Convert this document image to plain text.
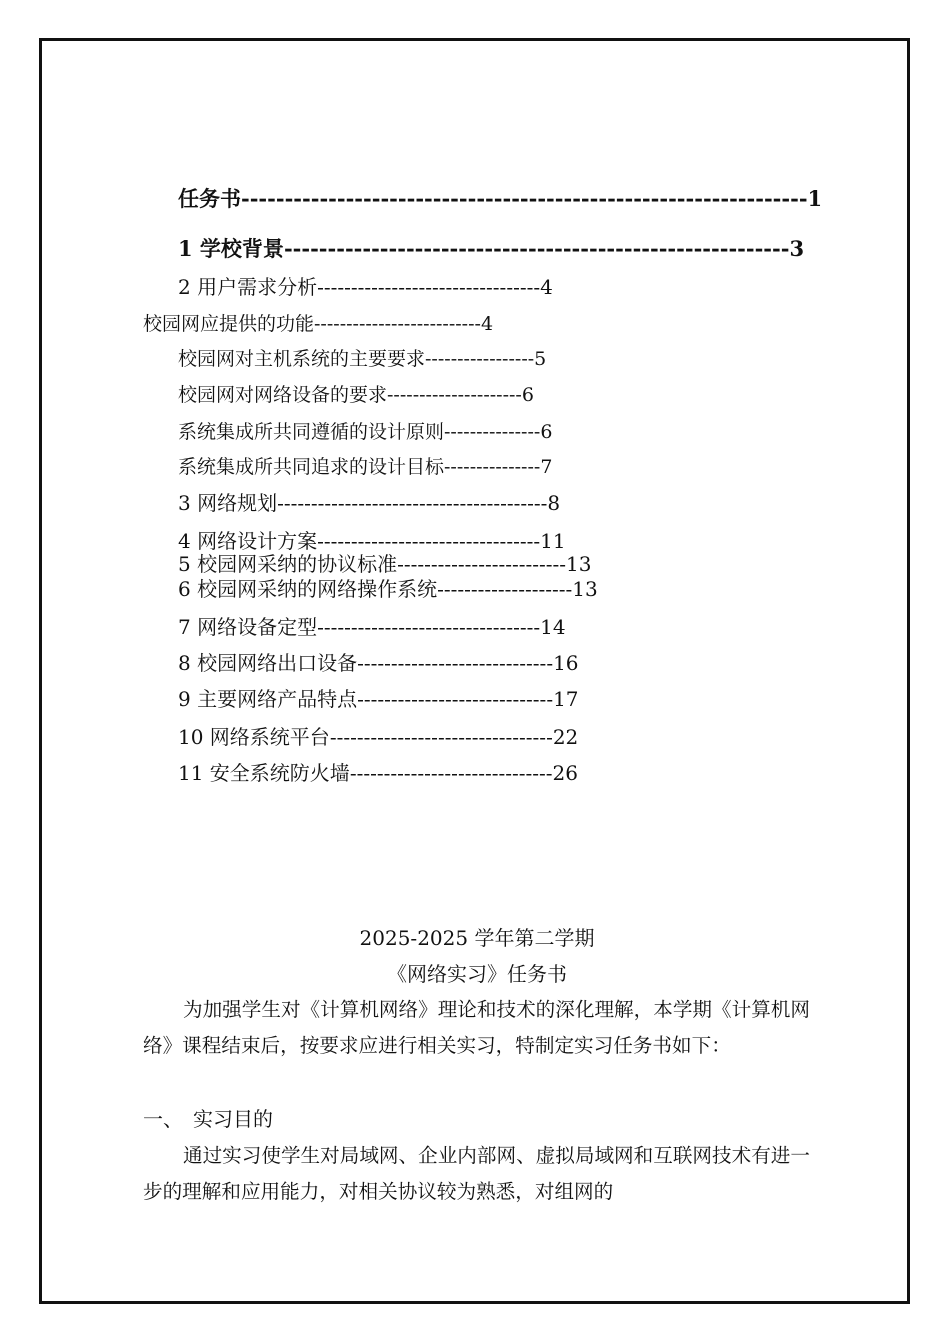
任务书-----------------------------------------------------------------1
1 学校背景----------------------------------------------------------3
2 用户需求分析---------------------------------4
校园网应提供的功能--------------------------4
校园网对主机系统的主要要求-----------------5
校园网对网络设备的要求---------------------6
系统集成所共同遵循的设计原则---------------6
系统集成所共同追求的设计目标---------------7
3 网络规划----------------------------------------8
4 网络设计方案---------------------------------11
5 校园网采纳的协议标准-------------------------13
6 校园网采纳的网络操作系统--------------------13
7 网络设备定型---------------------------------14
8 校园网络出口设备-----------------------------16
9 主要网络产品特点-----------------------------17
10 网络系统平台---------------------------------22
11 安全系统防火墙------------------------------26
2025-2025 学年第二学期
《网络实习》任务书
为加强学生对《计算机网络》理论和技术的深化理解，本学期《计算机网络》课程结束后，按要求应进行相关实习，特制定实习任务书如下：
一、　实习目的
通过实习使学生对局域网、企业内部网、虚拟局域网和互联网技术有进一步的理解和应用能力，对相关协议较为熟悉，对组网的
